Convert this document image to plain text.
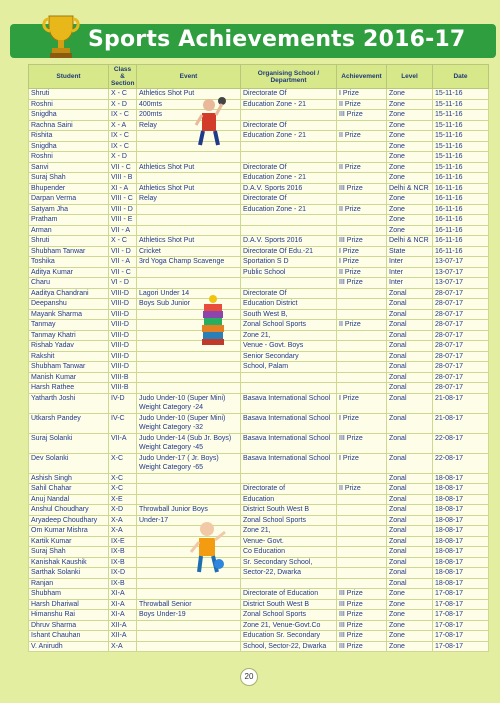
Sports Achievements 2016-17
Student	Class & Section	Event	Organising School / Department	Achievement	Level	Date
Shruti	X - C	Athletics Shot Put	Directorate Of	I Prize	Zone	15-11-16
Roshni	X - D	400mts	Education Zone - 21	II Prize	Zone	15-11-16
Snigdha	IX - C	200mts		III Prize	Zone	15-11-16
Rachna Saini	X - A	Relay	Directorate Of		Zone	15-11-16
Rishita	IX - C		Education Zone - 21	II Prize	Zone	15-11-16
Snigdha	IX - C				Zone	15-11-16
Roshni	X - D				Zone	15-11-16
Sanvi	VII - C	Athletics Shot Put	Directorate Of	II Prize	Zone	15-11-16
Suraj Shah	VIII - B		Education Zone - 21		Zone	16-11-16
Bhupender	XI - A	Athletics Shot Put	D.A.V. Sports 2016	III Prize	Delhi & NCR	16-11-16
Darpan Verma	VIII - C	Relay	Directorate Of		Zone	16-11-16
Satyam Jha	VIII - D		Education Zone - 21	II Prize	Zone	16-11-16
Pratham	VIII - E				Zone	16-11-16
Arman	VII - A				Zone	16-11-16
Shruti	X - C	Athletics Shot Put	D.A.V. Sports 2016	III Prize	Delhi & NCR	16-11-16
Shubham Tanwar	VII - D	Cricket	Directorate Of Edu.-21	I Prize	State	16-11-16
Toshika	VII - A	3rd Yoga Champ Scavenge	Sportation S D	I Prize	Inter	13-07-17
Aditya Kumar	VII - C		Public School	II Prize	Inter	13-07-17
Charu	VI - D			III Prize	Inter	13-07-17
Aaditya Chandrani	VIII-D	Lagori Under 14	Directorate Of		Zonal	28-07-17
Deepanshu	VIII-D	Boys Sub Junior	Education District		Zonal	28-07-17
Mayank Sharma	VIII-D		South West B,		Zonal	28-07-17
Tanmay	VIII-D		Zonal School Sports	II Prize	Zonal	28-07-17
Tanmay Khatri	VIII-D		Zone 21,		Zonal	28-07-17
Rishab Yadav	VIII-D		Venue - Govt. Boys		Zonal	28-07-17
Rakshit	VIII-D		Senior Secondary		Zonal	28-07-17
Shubham Tanwar	VIII-D		School, Palam		Zonal	28-07-17
Manish Kumar	VIII-B				Zonal	28-07-17
Harsh Rathee	VIII-B				Zonal	28-07-17
Yatharth Joshi	IV-D	Judo Under-10 (Super Mini) Weight Category -24	Basava International School	I Prize	Zonal	21-08-17
Utkarsh Pandey	IV-C	Judo Under-10 (Super Mini) Weight Category -32	Basava International School	I Prize	Zonal	21-08-17
Suraj Solanki	VII-A	Judo Under-14 (Sub Jr. Boys) Weight Category -45	Basava International School	III Prize	Zonal	22-08-17
Dev Solanki	X-C	Judo Under-17 ( Jr. Boys) Weight Category -65	Basava International School	I Prize	Zonal	22-08-17
Ashish Singh	X-C				Zonal	18-08-17
Sahil Chahar	X-C		Directorate of	II Prize	Zonal	18-08-17
Anuj Nandal	X-E		Education		Zonal	18-08-17
Anshul Choudhary	X-D	Throwball Junior Boys	District South West B		Zonal	18-08-17
Aryadeep Choudhary	X-A	Under-17	Zonal School Sports		Zonal	18-08-17
Om Kumar Mishra	X-A		Zone 21,		Zonal	18-08-17
Kartik Kumar	IX-E		Venue- Govt.		Zonal	18-08-17
Suraj Shah	IX-B		Co Education		Zonal	18-08-17
Kanishak Kaushik	IX-B		Sr. Secondary School,		Zonal	18-08-17
Sarthak Solanki	IX-D		Sector-22, Dwarka		Zonal	18-08-17
Ranjan	IX-B				Zonal	18-08-17
Shubham	XI-A		Directorate of Education	III Prize	Zone	17-08-17
Harsh Dhariwal	XI-A	Throwball Senior	District South West B	III Prize	Zone	17-08-17
Himanshu Rai	XI-A	Boys Under-19	Zonal School Sports	III Prize	Zone	17-08-17
Dhruv Sharma	XII-A		Zone 21, Venue-Govt.Co	III Prize	Zone	17-08-17
Ishant Chauhan	XII-A		Education Sr. Secondary	III Prize	Zone	17-08-17
V. Anirudh	X-A		School, Sector-22, Dwarka	III Prize	Zone	17-08-17
20
